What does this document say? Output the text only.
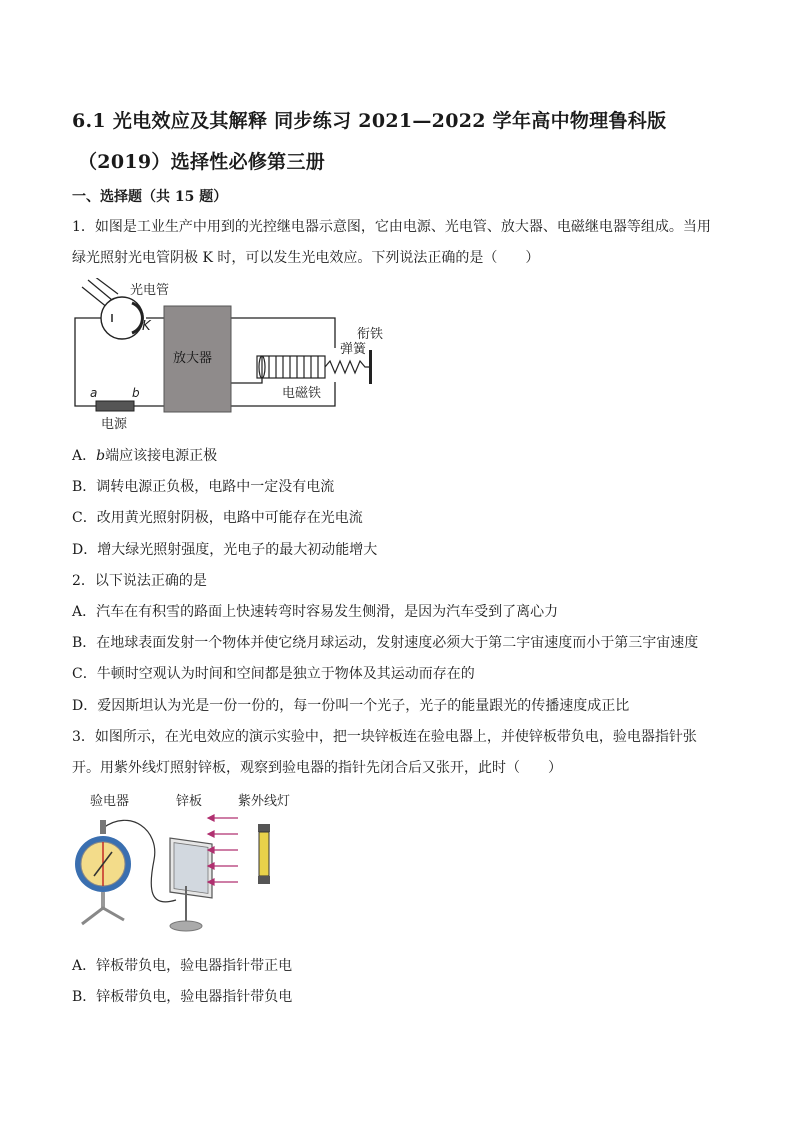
6.1 光电效应及其解释 同步练习 2021—2022 学年高中物理鲁科版
（2019）选择性必修第三册
一、选择题（共 15 题）
1．如图是工业生产中用到的光控继电器示意图，它由电源、光电管、放大器、电磁继电器等组成。当用
绿光照射光电管阴极 K 时，可以发生光电效应。下列说法正确的是（　　）
光电管
K
放大器
电磁铁
弹簧
衔铁
a	b
电源
A．b端应该接电源正极
B．调转电源正负极，电路中一定没有电流
C．改用黄光照射阴极，电路中可能存在光电流
D．增大绿光照射强度，光电子的最大初动能增大
2．以下说法正确的是
A．汽车在有积雪的路面上快速转弯时容易发生侧滑，是因为汽车受到了离心力
B．在地球表面发射一个物体并使它绕月球运动，发射速度必须大于第二宇宙速度而小于第三宇宙速度
C．牛顿时空观认为时间和空间都是独立于物体及其运动而存在的
D．爱因斯坦认为光是一份一份的，每一份叫一个光子，光子的能量跟光的传播速度成正比
3．如图所示，在光电效应的演示实验中，把一块锌板连在验电器上，并使锌板带负电，验电器指针张
开。用紫外线灯照射锌板，观察到验电器的指针先闭合后又张开，此时（　　）
验电器	锌板	紫外线灯
A．锌板带负电，验电器指针带正电
B．锌板带负电，验电器指针带负电
